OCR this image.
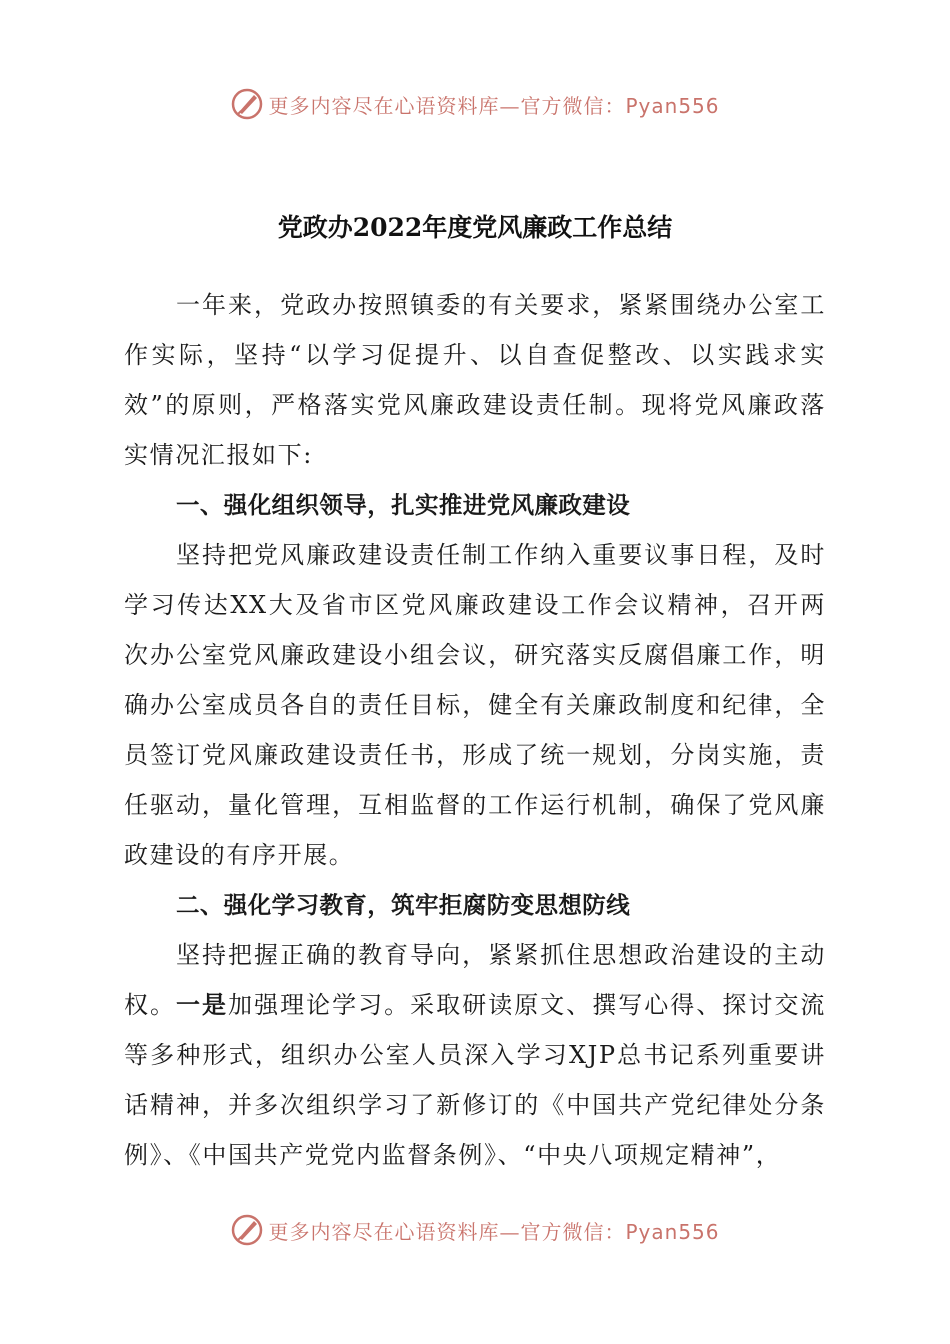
更多内容尽在心语资料库—官方微信：Pyan556
党政办2022年度党风廉政工作总结

一年来，党政办按照镇委的有关要求，紧紧围绕办公室工作实际，坚持“以学习促提升、以自查促整改、以实践求实效”的原则，严格落实党风廉政建设责任制。现将党风廉政落实情况汇报如下:

一、强化组织领导，扎实推进党风廉政建设

坚持把党风廉政建设责任制工作纳入重要议事日程，及时学习传达XX大及省市区党风廉政建设工作会议精神，召开两次办公室党风廉政建设小组会议，研究落实反腐倡廉工作，明确办公室成员各自的责任目标，健全有关廉政制度和纪律，全员签订党风廉政建设责任书，形成了统一规划，分岗实施，责任驱动，量化管理，互相监督的工作运行机制，确保了党风廉政建设的有序开展。

二、强化学习教育，筑牢拒腐防变思想防线

坚持把握正确的教育导向，紧紧抓住思想政治建设的主动权。一是加强理论学习。采取研读原文、撰写心得、探讨交流等多种形式，组织办公室人员深入学习XJP总书记系列重要讲话精神，并多次组织学习了新修订的《中国共产党纪律处分条例》、《中国共产党党内监督条例》、“中央八项规定精神”，

更多内容尽在心语资料库—官方微信：Pyan556
